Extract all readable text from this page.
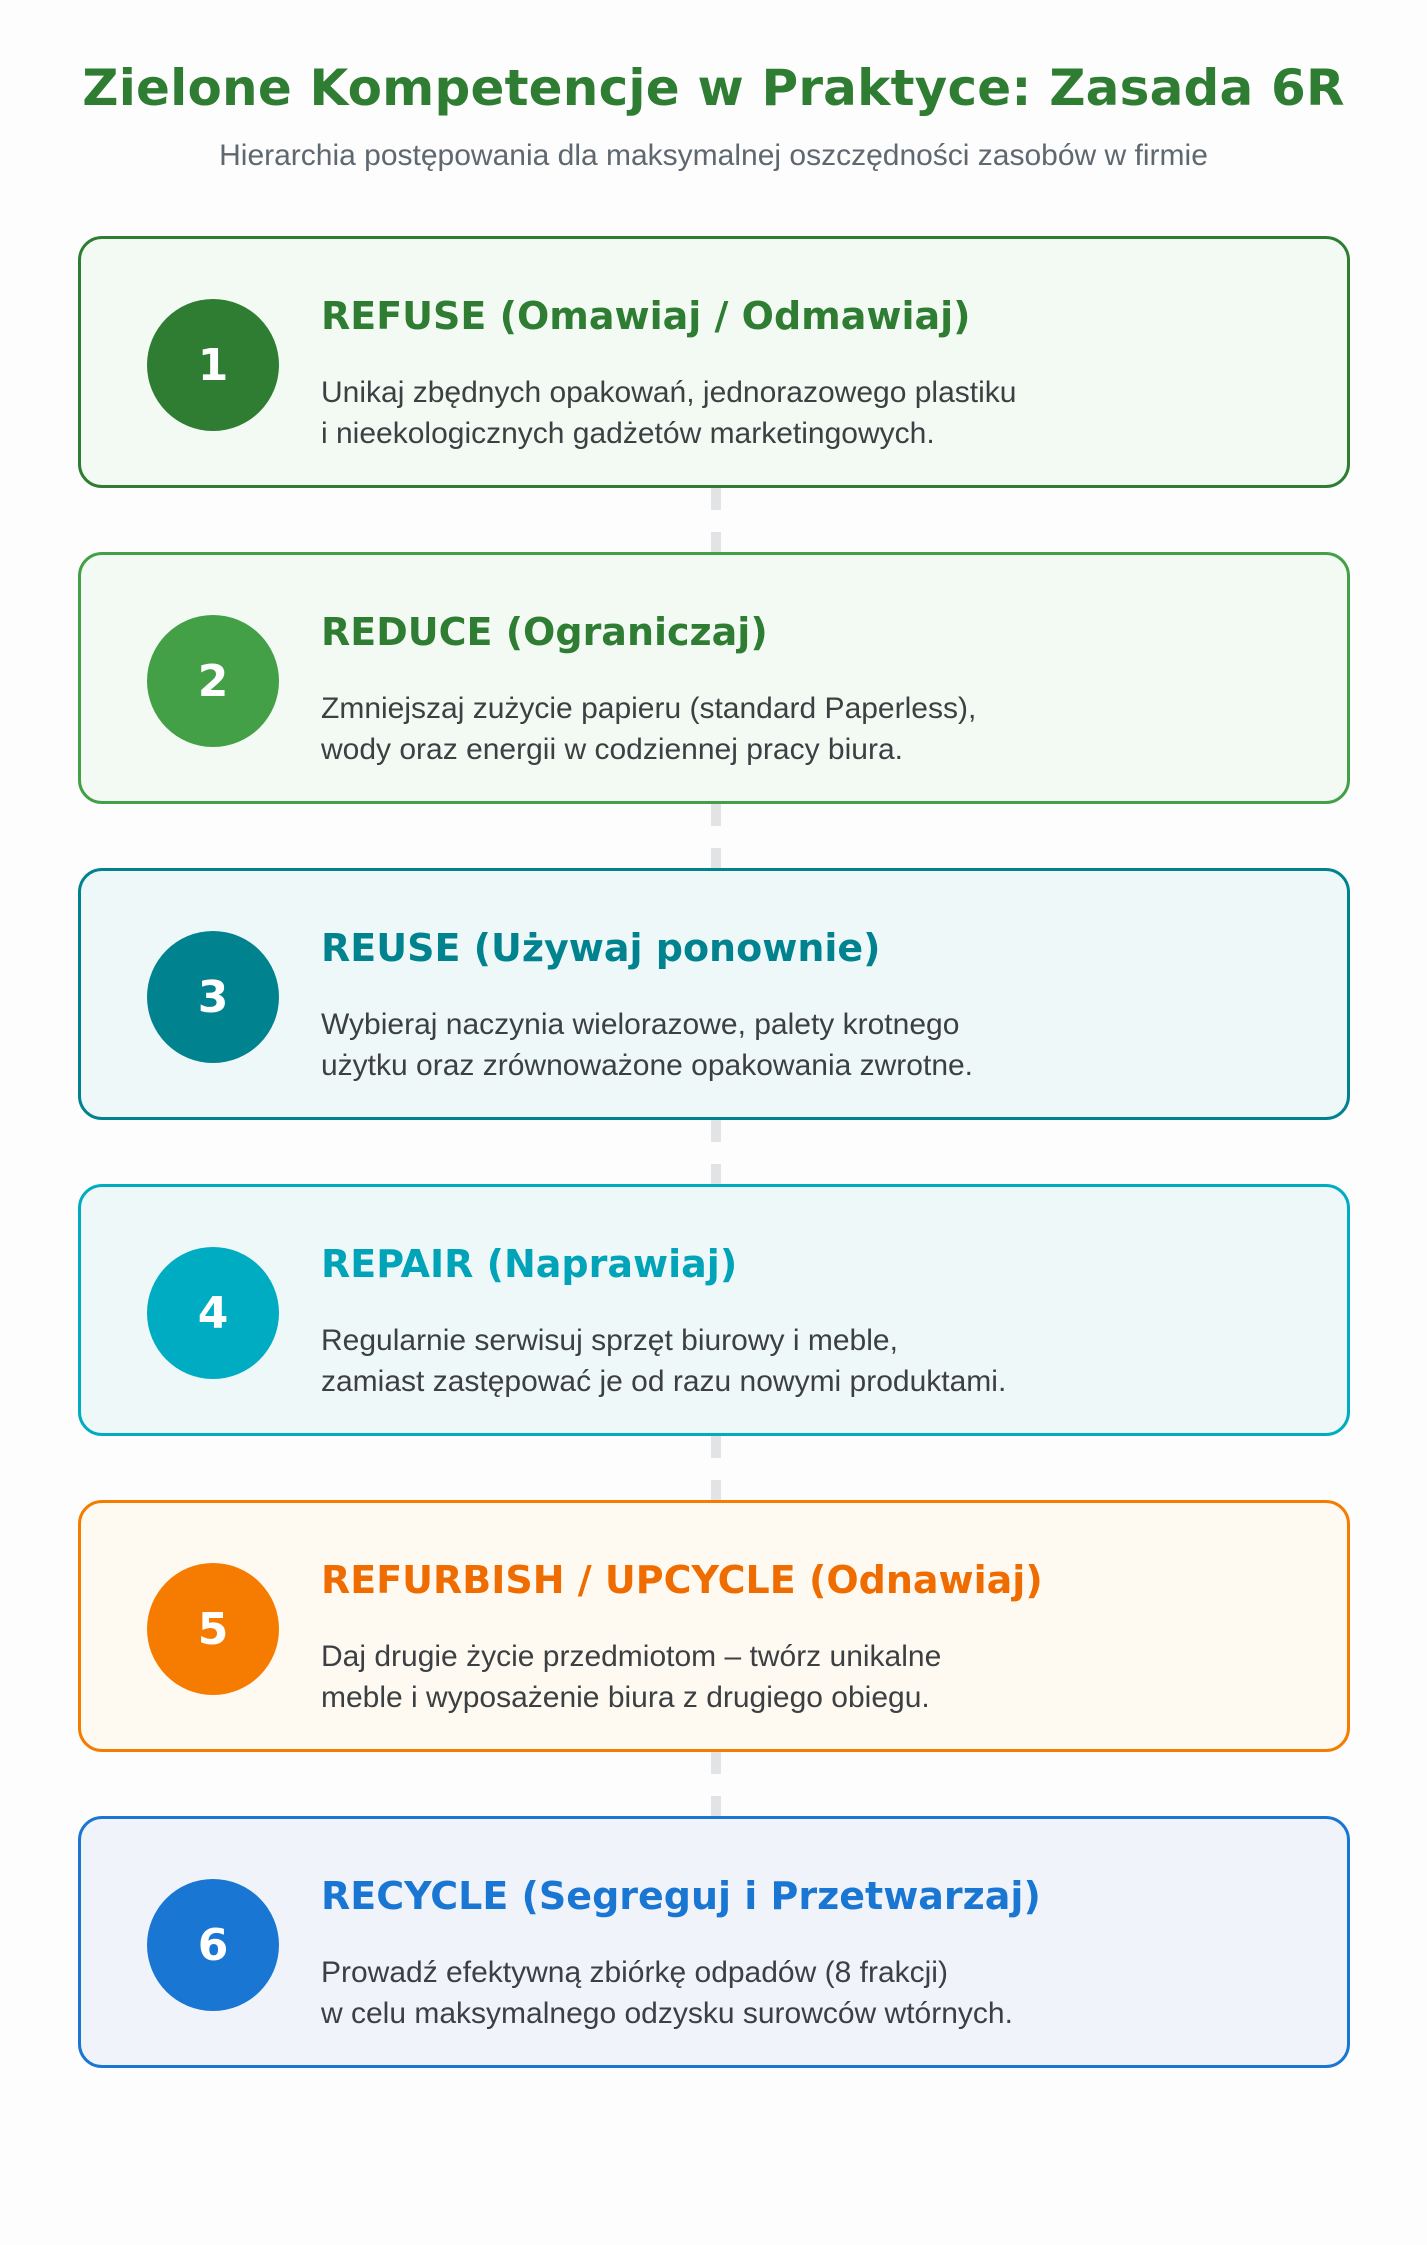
Zielone Kompetencje w Praktyce: Zasada 6R
Hierarchia postępowania dla maksymalnej oszczędności zasobów w firmie
1
REFUSE (Omawiaj / Odmawiaj)
Unikaj zbędnych opakowań, jednorazowego plastiku
i nieekologicznych gadżetów marketingowych.
2
REDUCE (Ograniczaj)
Zmniejszaj zużycie papieru (standard Paperless),
wody oraz energii w codziennej pracy biura.
3
REUSE (Używaj ponownie)
Wybieraj naczynia wielorazowe, palety krotnego
użytku oraz zrównoważone opakowania zwrotne.
4
REPAIR (Naprawiaj)
Regularnie serwisuj sprzęt biurowy i meble,
zamiast zastępować je od razu nowymi produktami.
5
REFURBISH / UPCYCLE (Odnawiaj)
Daj drugie życie przedmiotom – twórz unikalne
meble i wyposażenie biura z drugiego obiegu.
6
RECYCLE (Segreguj i Przetwarzaj)
Prowadź efektywną zbiórkę odpadów (8 frakcji)
w celu maksymalnego odzysku surowców wtórnych.
